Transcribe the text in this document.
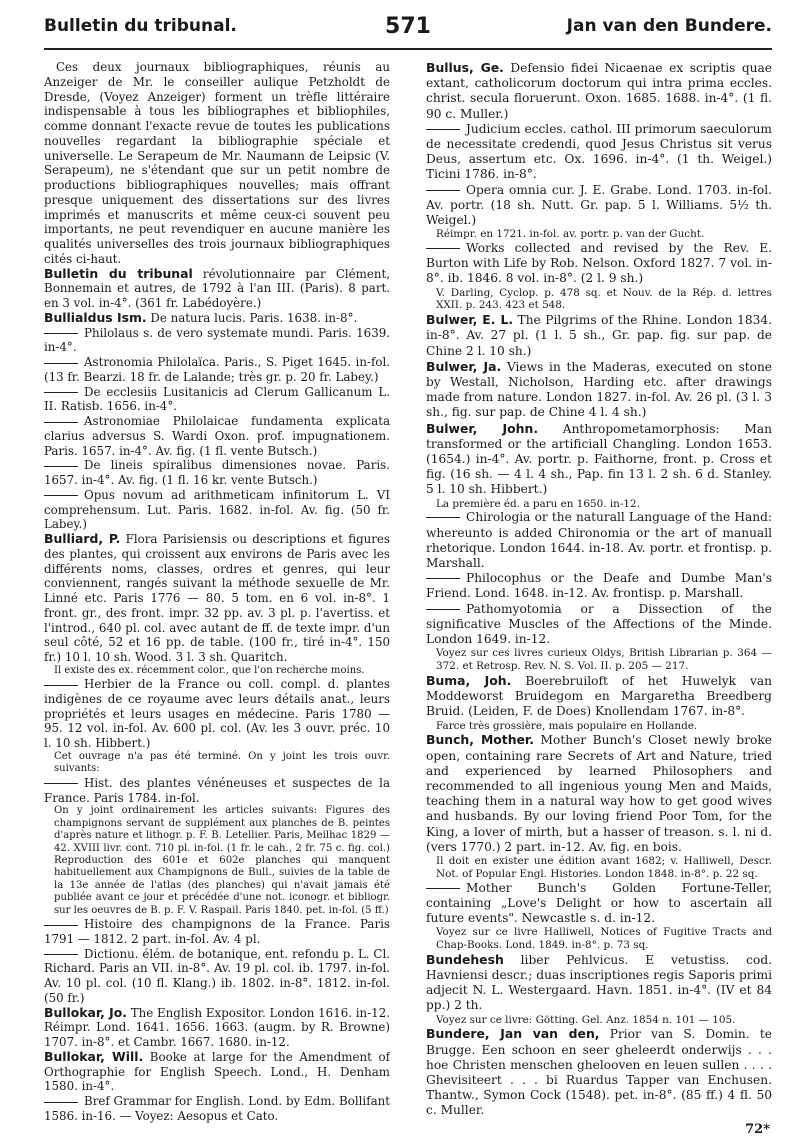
Bulletin du tribunal.	571	Jan van den Bundere.

Ces deux journaux bibliographiques, réunis au Anzeiger de Mr. le conseiller aulique Petzholdt de Dresde, (Voyez Anzeiger) forment un trèfle littéraire indispensable à tous les bibliographes et bibliophiles, comme donnant l'exacte revue de toutes les publications nouvelles regardant la bibliographie spéciale et universelle. Le Serapeum de Mr. Naumann de Leipsic (V. Serapeum), ne s'étendant que sur un petit nombre de productions bibliographiques nouvelles; mais offrant presque uniquement des dissertations sur des livres imprimés et manuscrits et même ceux-ci souvent peu importants, ne peut revendiquer en aucune manière les qualités universelles des trois journaux bibliographiques cités ci-haut.

Bulletin du tribunal révolutionnaire par Clément, Bonnemain et autres, de 1792 à l'an III. (Paris). 8 part. en 3 vol. in-4°. (361 fr. Labédoyère.)

Bullialdus Ism. De natura lucis. Paris. 1638. in-8°.

Philolaus s. de vero systemate mundi. Paris. 1639. in-4°.

Astronomia Philolaïca. Paris., S. Piget 1645. in-fol. (13 fr. Bearzi. 18 fr. de Lalande; très gr. p. 20 fr. Labey.)

De ecclesiis Lusitanicis ad Clerum Gallicanum L. II. Ratisb. 1656. in-4°.

Astronomiae Philolaicae fundamenta explicata clarius adversus S. Wardi Oxon. prof. impugnationem. Paris. 1657. in-4°. Av. fig. (1 fl. vente Butsch.)

De lineis spiralibus dimensiones novae. Paris. 1657. in-4°. Av. fig. (1 fl. 16 kr. vente Butsch.)

Opus novum ad arithmeticam infinitorum L. VI comprehensum. Lut. Paris. 1682. in-fol. Av. fig. (50 fr. Labey.)

Bulliard, P. Flora Parisiensis ou descriptions et figures des plantes, qui croissent aux environs de Paris avec les différents noms, classes, ordres et genres, qui leur conviennent, rangés suivant la méthode sexuelle de Mr. Linné etc. Paris 1776 — 80. 5 tom. en 6 vol. in-8°. 1 front. gr., des front. impr. 32 pp. av. 3 pl. p. l'avertiss. et l'introd., 640 pl. col. avec autant de ff. de texte impr. d'un seul côté, 52 et 16 pp. de table. (100 fr., tiré in-4°. 150 fr.) 10 l. 10 sh. Wood. 3 l. 3 sh. Quaritch.

Il existe des ex. récemment color., que l'on recherche moins.

Herbier de la France ou coll. compl. d. plantes indigènes de ce royaume avec leurs détails anat., leurs propriétés et leurs usages en médecine. Paris 1780 — 95. 12 vol. in-fol. Av. 600 pl. col. (Av. les 3 ouvr. préc. 10 l. 10 sh. Hibbert.)

Cet ouvrage n'a pas été terminé. On y joint les trois ouvr. suivants:

Hist. des plantes vénéneuses et suspectes de la France. Paris 1784. in-fol.

On y joint ordinairement les articles suivants: Figures des champignons servant de supplément aux planches de B. peintes d'après nature et lithogr. p. F. B. Letellier. Paris, Meilhac 1829 — 42. XVIII livr. cont. 710 pl. in-fol. (1 fr. le cah., 2 fr. 75 c. fig. col.) Reproduction des 601e et 602e planches qui manquent habituellement aux Champignons de Bull., suivies de la table de la 13e année de l'atlas (des planches) qui n'avait jamais été publiée avant ce jour et précédée d'une not. iconogr. et bibliogr. sur les oeuvres de B. p. F. V. Raspail. Paris 1840. pet. in-fol. (5 ff.)

Histoire des champignons de la France. Paris 1791 — 1812. 2 part. in-fol. Av. 4 pl.

Dictionu. élém. de botanique, ent. refondu p. L. Cl. Richard. Paris an VII. in-8°. Av. 19 pl. col. ib. 1797. in-fol. Av. 10 pl. col. (10 fl. Klang.) ib. 1802. in-8°. 1812. in-fol. (50 fr.)

Bullokar, Jo. The English Expositor. London 1616. in-12. Réimpr. Lond. 1641. 1656. 1663. (augm. by R. Browne) 1707. in-8°. et Cambr. 1667. 1680. in-12.

Bullokar, Will. Booke at large for the Amendment of Orthographie for English Speech. Lond., H. Denham 1580. in-4°.

Bref Grammar for English. Lond. by Edm. Bollifant 1586. in-16. — Voyez: Aesopus et Cato.

Bullus, Ge. Defensio fidei Nicaenae ex scriptis quae extant, catholicorum doctorum qui intra prima eccles. christ. secula floruerunt. Oxon. 1685. 1688. in-4°. (1 fl. 90 c. Muller.)

Judicium eccles. cathol. III primorum saeculorum de necessitate credendi, quod Jesus Christus sit verus Deus, assertum etc. Ox. 1696. in-4°. (1 th. Weigel.) Ticini 1786. in-8°.

Opera omnia cur. J. E. Grabe. Lond. 1703. in-fol. Av. portr. (18 sh. Nutt. Gr. pap. 5 l. Williams. 5½ th. Weigel.)

Réimpr. en 1721. in-fol. av. portr. p. van der Gucht.

Works collected and revised by the Rev. E. Burton with Life by Rob. Nelson. Oxford 1827. 7 vol. in-8°. ib. 1846. 8 vol. in-8°. (2 l. 9 sh.)

V. Darling, Cyclop. p. 478 sq. et Nouv. de la Rép. d. lettres XXII. p. 243. 423 et 548.

Bulwer, E. L. The Pilgrims of the Rhine. London 1834. in-8°. Av. 27 pl. (1 l. 5 sh., Gr. pap. fig. sur pap. de Chine 2 l. 10 sh.)

Bulwer, Ja. Views in the Maderas, executed on stone by Westall, Nicholson, Harding etc. after drawings made from nature. London 1827. in-fol. Av. 26 pl. (3 l. 3 sh., fig. sur pap. de Chine 4 l. 4 sh.)

Bulwer, John. Anthropometamorphosis: Man transformed or the artificiall Changling. London 1653. (1654.) in-4°. Av. portr. p. Faithorne, front. p. Cross et fig. (16 sh. — 4 l. 4 sh., Pap. fin 13 l. 2 sh. 6 d. Stanley. 5 l. 10 sh. Hibbert.)

La première éd. a paru en 1650. in-12.

Chirologia or the naturall Language of the Hand: whereunto is added Chironomia or the art of manuall rhetorique. London 1644. in-18. Av. portr. et frontisp. p. Marshall.

Philocophus or the Deafe and Dumbe Man's Friend. Lond. 1648. in-12. Av. frontisp. p. Marshall.

Pathomyotomia or a Dissection of the significative Muscles of the Affections of the Minde. London 1649. in-12.

Voyez sur ces livres curieux Oldys, British Librarian p. 364 — 372. et Retrosp. Rev. N. S. Vol. II. p. 205 — 217.

Buma, Joh. Boerebruiloft of het Huwelyk van Moddeworst Bruidegom en Margaretha Breedberg Bruid. (Leiden, F. de Does) Knollendam 1767. in-8°.

Farce très grossière, mais populaire en Hollande.

Bunch, Mother. Mother Bunch's Closet newly broke open, containing rare Secrets of Art and Nature, tried and experienced by learned Philosophers and recommended to all ingenious young Men and Maids, teaching them in a natural way how to get good wives and husbands. By our loving friend Poor Tom, for the King, a lover of mirth, but a hasser of treason. s. l. ni d. (vers 1770.) 2 part. in-12. Av. fig. en bois.

Il doit en exister une édition avant 1682; v. Halliwell, Descr. Not. of Popular Engl. Histories. London 1848. in-8°. p. 22 sq.

Mother Bunch's Golden Fortune-Teller, containing „Love's Delight or how to ascertain all future events". Newcastle s. d. in-12.

Voyez sur ce livre Halliwell, Notices of Fugitive Tracts and Chap-Books. Lond. 1849. in-8°. p. 73 sq.

Bundehesh liber Pehlvicus. E vetustiss. cod. Havniensi descr.; duas inscriptiones regis Saporis primi adjecit N. L. Westergaard. Havn. 1851. in-4°. (IV et 84 pp.) 2 th.

Voyez sur ce livre: Götting. Gel. Anz. 1854 n. 101 — 105.

Bundere, Jan van den, Prior van S. Domin. te Brugge. Een schoon en seer gheleerdt onderwijs . . . hoe Christen menschen ghelooven en leuen sullen . . . . Ghevisiteert . . . bi Ruardus Tapper van Enchusen. Thantw., Symon Cock (1548). pet. in-8°. (85 ff.) 4 fl. 50 c. Muller.

72*
